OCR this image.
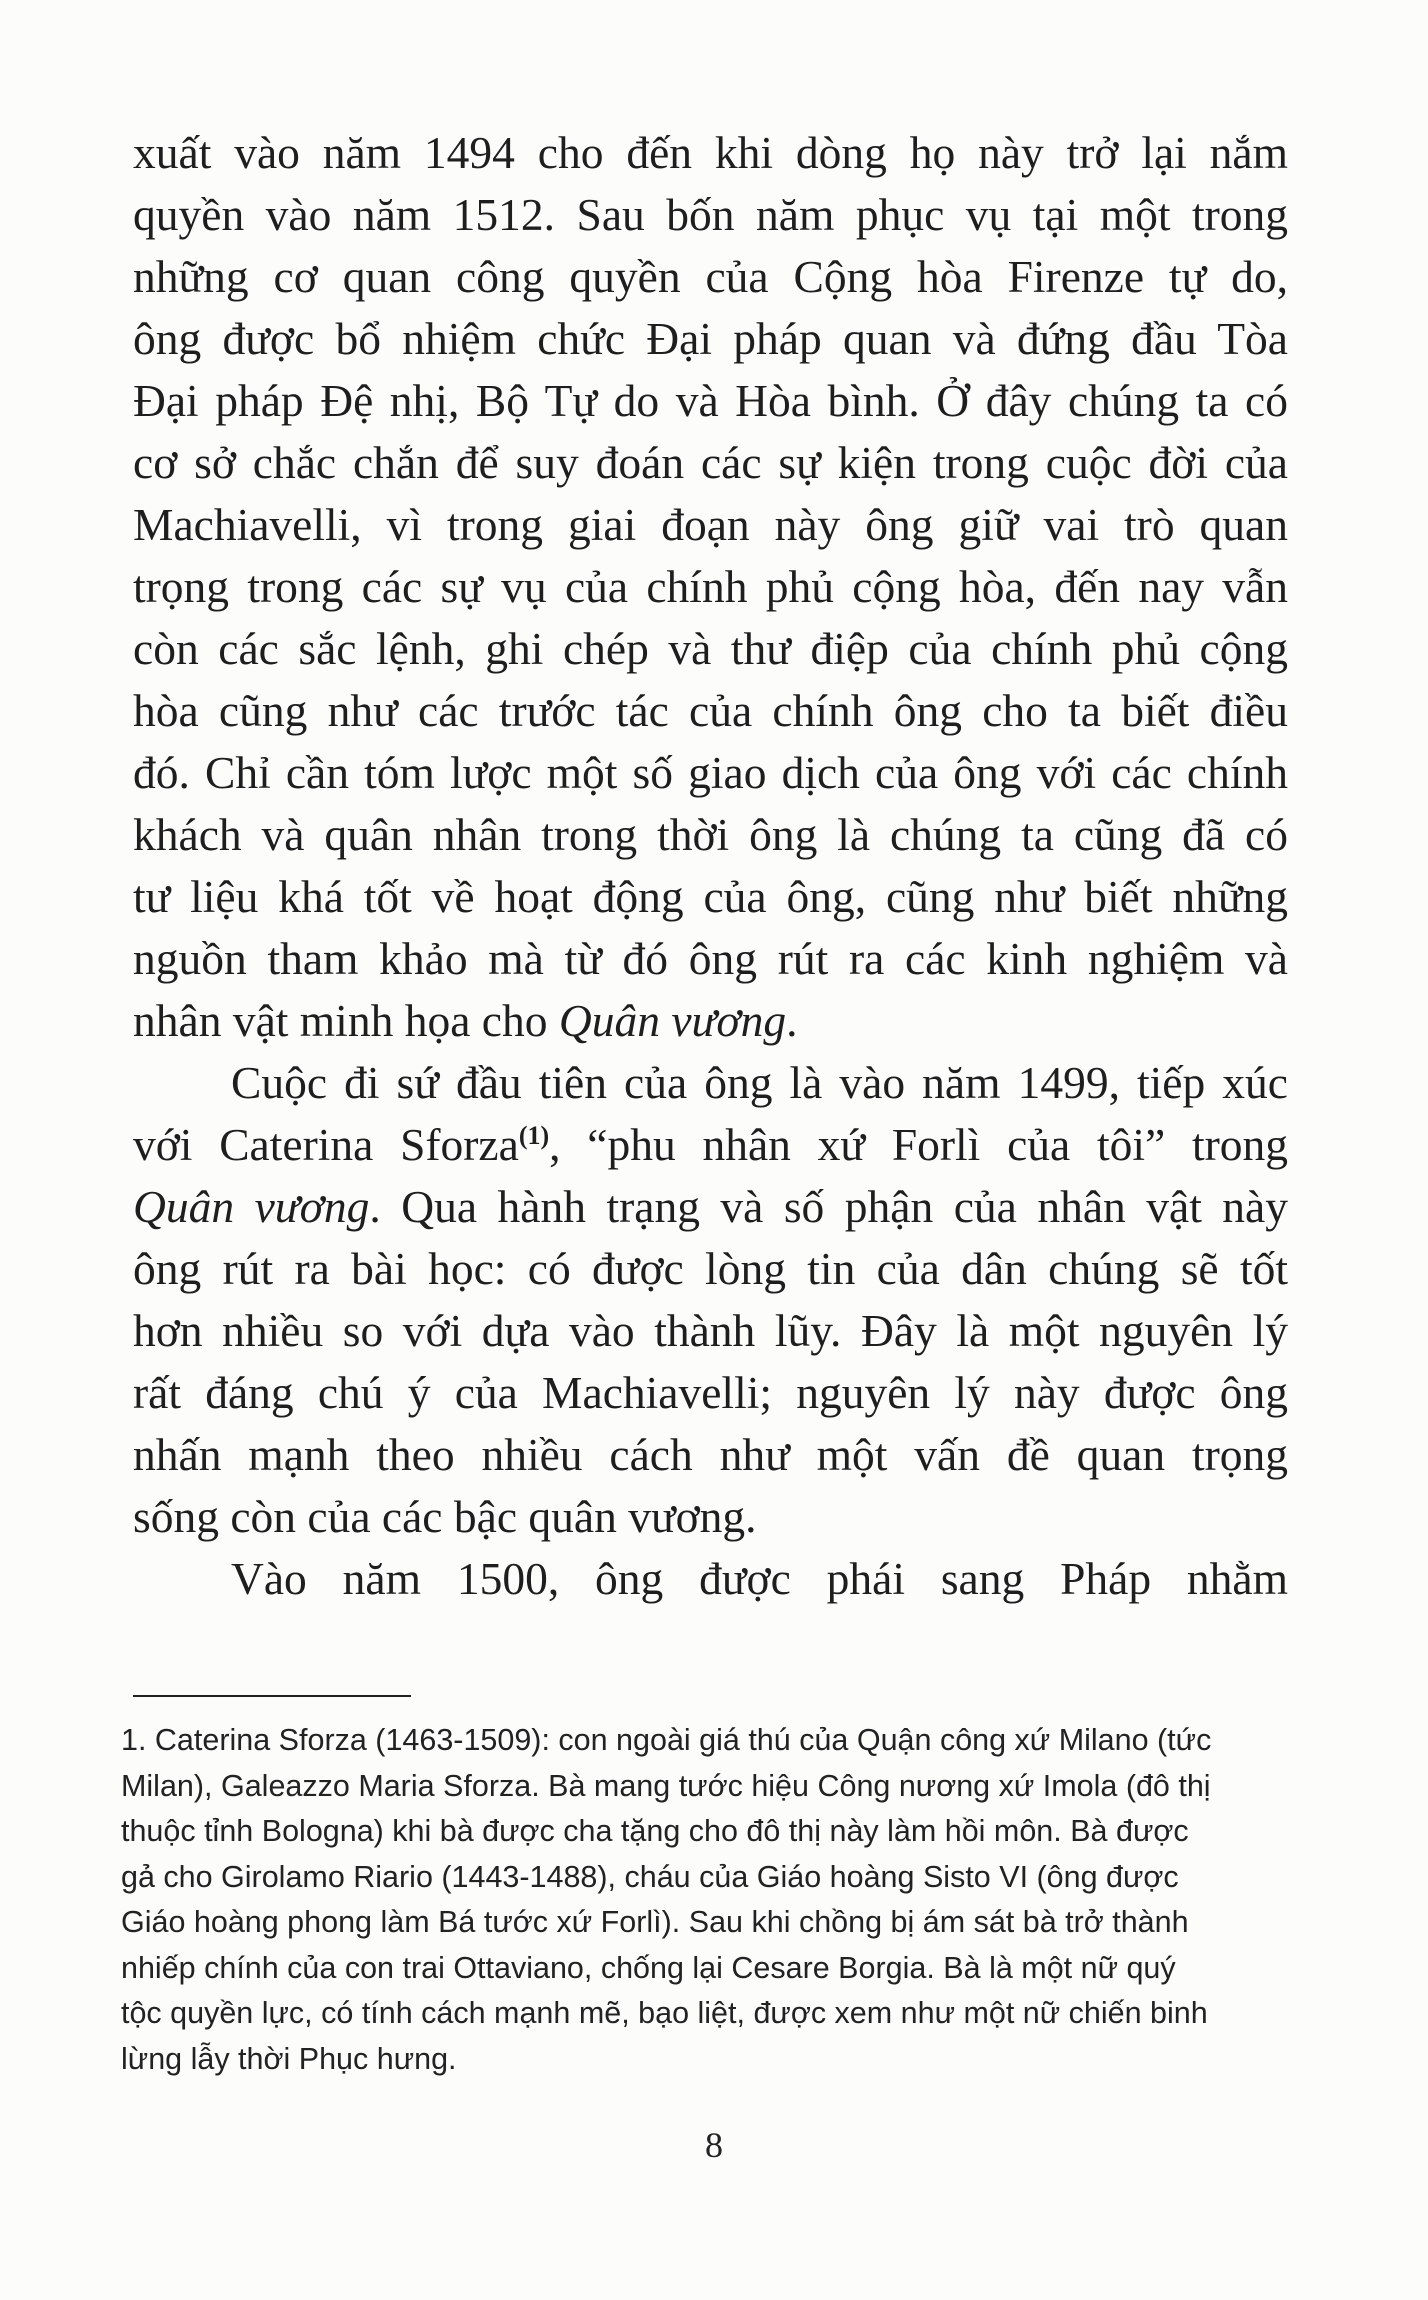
xuất vào năm 1494 cho đến khi dòng họ này trở lại nắm
quyền vào năm 1512. Sau bốn năm phục vụ tại một trong
những cơ quan công quyền của Cộng hòa Firenze tự do,
ông được bổ nhiệm chức Đại pháp quan và đứng đầu Tòa
Đại pháp Đệ nhị, Bộ Tự do và Hòa bình. Ở đây chúng ta có
cơ sở chắc chắn để suy đoán các sự kiện trong cuộc đời của
Machiavelli, vì trong giai đoạn này ông giữ vai trò quan
trọng trong các sự vụ của chính phủ cộng hòa, đến nay vẫn
còn các sắc lệnh, ghi chép và thư điệp của chính phủ cộng
hòa cũng như các trước tác của chính ông cho ta biết điều
đó. Chỉ cần tóm lược một số giao dịch của ông với các chính
khách và quân nhân trong thời ông là chúng ta cũng đã có
tư liệu khá tốt về hoạt động của ông, cũng như biết những
nguồn tham khảo mà từ đó ông rút ra các kinh nghiệm và
nhân vật minh họa cho Quân vương.

Cuộc đi sứ đầu tiên của ông là vào năm 1499, tiếp xúc
với Caterina Sforza$^{(1)}$, “phu nhân xứ Forlì của tôi” trong
Quân vương. Qua hành trạng và số phận của nhân vật này
ông rút ra bài học: có được lòng tin của dân chúng sẽ tốt
hơn nhiều so với dựa vào thành lũy. Đây là một nguyên lý
rất đáng chú ý của Machiavelli; nguyên lý này được ông
nhấn mạnh theo nhiều cách như một vấn đề quan trọng
sống còn của các bậc quân vương.

Vào năm 1500, ông được phái sang Pháp nhằm

1. Caterina Sforza (1463-1509): con ngoài giá thú của Quận công xứ Milano (tức
Milan), Galeazzo Maria Sforza. Bà mang tước hiệu Công nương xứ Imola (đô thị
thuộc tỉnh Bologna) khi bà được cha tặng cho đô thị này làm hồi môn. Bà được
gả cho Girolamo Riario (1443-1488), cháu của Giáo hoàng Sisto VI (ông được
Giáo hoàng phong làm Bá tước xứ Forlì). Sau khi chồng bị ám sát bà trở thành
nhiếp chính của con trai Ottaviano, chống lại Cesare Borgia. Bà là một nữ quý
tộc quyền lực, có tính cách mạnh mẽ, bạo liệt, được xem như một nữ chiến binh
lừng lẫy thời Phục hưng.
8
